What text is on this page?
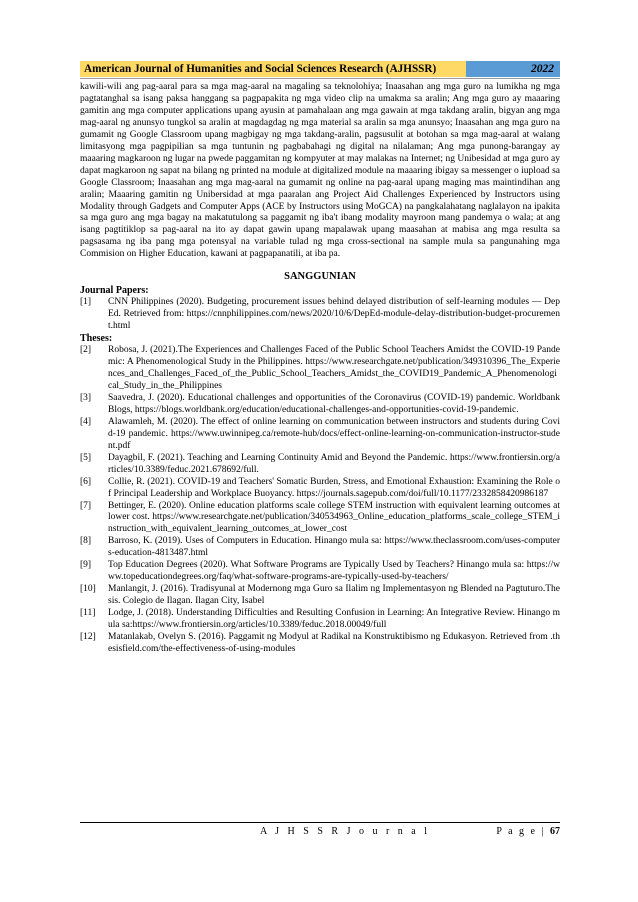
American Journal of Humanities and Social Sciences Research (AJHSSR)	2022

kawili-wili ang pag-aaral para sa mga mag-aaral na magaling sa teknolohiya; Inaasahan ang mga guro na lumikha ng mga pagtatanghal sa isang paksa hanggang sa pagpapakita ng mga video clip na umakma sa aralin; Ang mga guro ay maaaring gamitin ang mga computer applications upang ayusin at pamahalaan ang mga gawain at mga takdang aralin, bigyan ang mga mag-aaral ng anunsyo tungkol sa aralin at magdagdag ng mga material sa aralin sa mga anunsyo; Inaasahan ang mga guro na gumamit ng Google Classroom upang magbigay ng mga takdang-aralin, pagsusulit at botohan sa mga mag-aaral at walang limitasyong mga pagpipilian sa mga tuntunin ng pagbabahagi ng digital na nilalaman; Ang mga punong-barangay ay maaaring magkaroon ng lugar na pwede paggamitan ng kompyuter at may malakas na Internet; ng Unibesidad at mga guro ay dapat magkaroon ng sapat na bilang ng printed na module at digitalized module na maaaring ibigay sa messenger o iupload sa Google Classroom; Inaasahan ang mga mag-aaral na gumamit ng online na pag-aaral upang maging mas maintindihan ang aralin; Maaaring gamitin ng Unibersidad at mga paaralan ang Project Aid Challenges Experienced by Instructors using Modality through Gadgets and Computer Apps (ACE by Instructors using MoGCA) na pangkalahatang naglalayon na ipakita sa mga guro ang mga bagay na makatutulong sa paggamit ng iba't ibang modality mayroon mang pandemya o wala; at ang isang pagtitiklop sa pag-aaral na ito ay dapat gawin upang mapalawak upang maasahan at mabisa ang mga resulta sa pagsasama ng iba pang mga potensyal na variable tulad ng mga cross-sectional na sample mula sa pangunahing mga Commision on Higher Education, kawani at pagpapanatili, at iba pa.

SANGGUNIAN
Journal Papers:
[1]	CNN Philippines (2020). Budgeting, procurement issues behind delayed distribution of self-learning modules — DepEd. Retrieved from: https://cnnphilippines.com/news/2020/10/6/DepEd-module-delay-distribution-budget-procurement.html
Theses:
[2]	Robosa, J. (2021).The Experiences and Challenges Faced of the Public School Teachers Amidst the COVID-19 Pandemic: A Phenomenological Study in the Philippines. https://www.researchgate.net/publication/349310396_The_Experiences_and_Challenges_Faced_of_the_Public_School_Teachers_Amidst_the_COVID19_Pandemic_A_Phenomenological_Study_in_the_Philippines
[3]	Saavedra, J. (2020). Educational challenges and opportunities of the Coronavirus (COVID-19) pandemic. Worldbank Blogs, https://blogs.worldbank.org/education/educational-challenges-and-opportunities-covid-19-pandemic.
[4]	Alawamleh, M. (2020). The effect of online learning on communication between instructors and students during Covid-19 pandemic. https://www.uwinnipeg.ca/remote-hub/docs/effect-online-learning-on-communication-instructor-student.pdf
[5]	Dayagbil, F. (2021). Teaching and Learning Continuity Amid and Beyond the Pandemic. https://www.frontiersin.org/articles/10.3389/feduc.2021.678692/full.
[6]	Collie, R. (2021). COVID-19 and Teachers' Somatic Burden, Stress, and Emotional Exhaustion: Examining the Role of Principal Leadership and Workplace Buoyancy. https://journals.sagepub.com/doi/full/10.1177/2332858420986187
[7]	Bettinger, E. (2020). Online education platforms scale college STEM instruction with equivalent learning outcomes at lower cost. https://www.researchgate.net/publication/340534963_Online_education_platforms_scale_college_STEM_instruction_with_equivalent_learning_outcomes_at_lower_cost
[8]	Barroso, K. (2019). Uses of Computers in Education. Hinango mula sa: https://www.theclassroom.com/uses-computers-education-4813487.html
[9]	Top Education Degrees (2020). What Software Programs are Typically Used by Teachers? Hinango mula sa: https://www.topeducationdegrees.org/faq/what-software-programs-are-typically-used-by-teachers/
[10]	Manlangit, J. (2016). Tradisyunal at Modernong mga Guro sa Ilalim ng Implementasyon ng Blended na Pagtuturo.Thesis. Colegio de Ilagan. Ilagan City, Isabel
[11]	Lodge, J. (2018). Understanding Difficulties and Resulting Confusion in Learning: An Integrative Review. Hinango mula sa:https://www.frontiersin.org/articles/10.3389/feduc.2018.00049/full
[12]	Matanlakab, Ovelyn S. (2016). Paggamit ng Modyul at Radikal na Konstruktibismo ng Edukasyon. Retrieved from .thesisfield.com/the-effectiveness-of-using-modules
A J H S S R J o u r n a l	P a g e | 67
